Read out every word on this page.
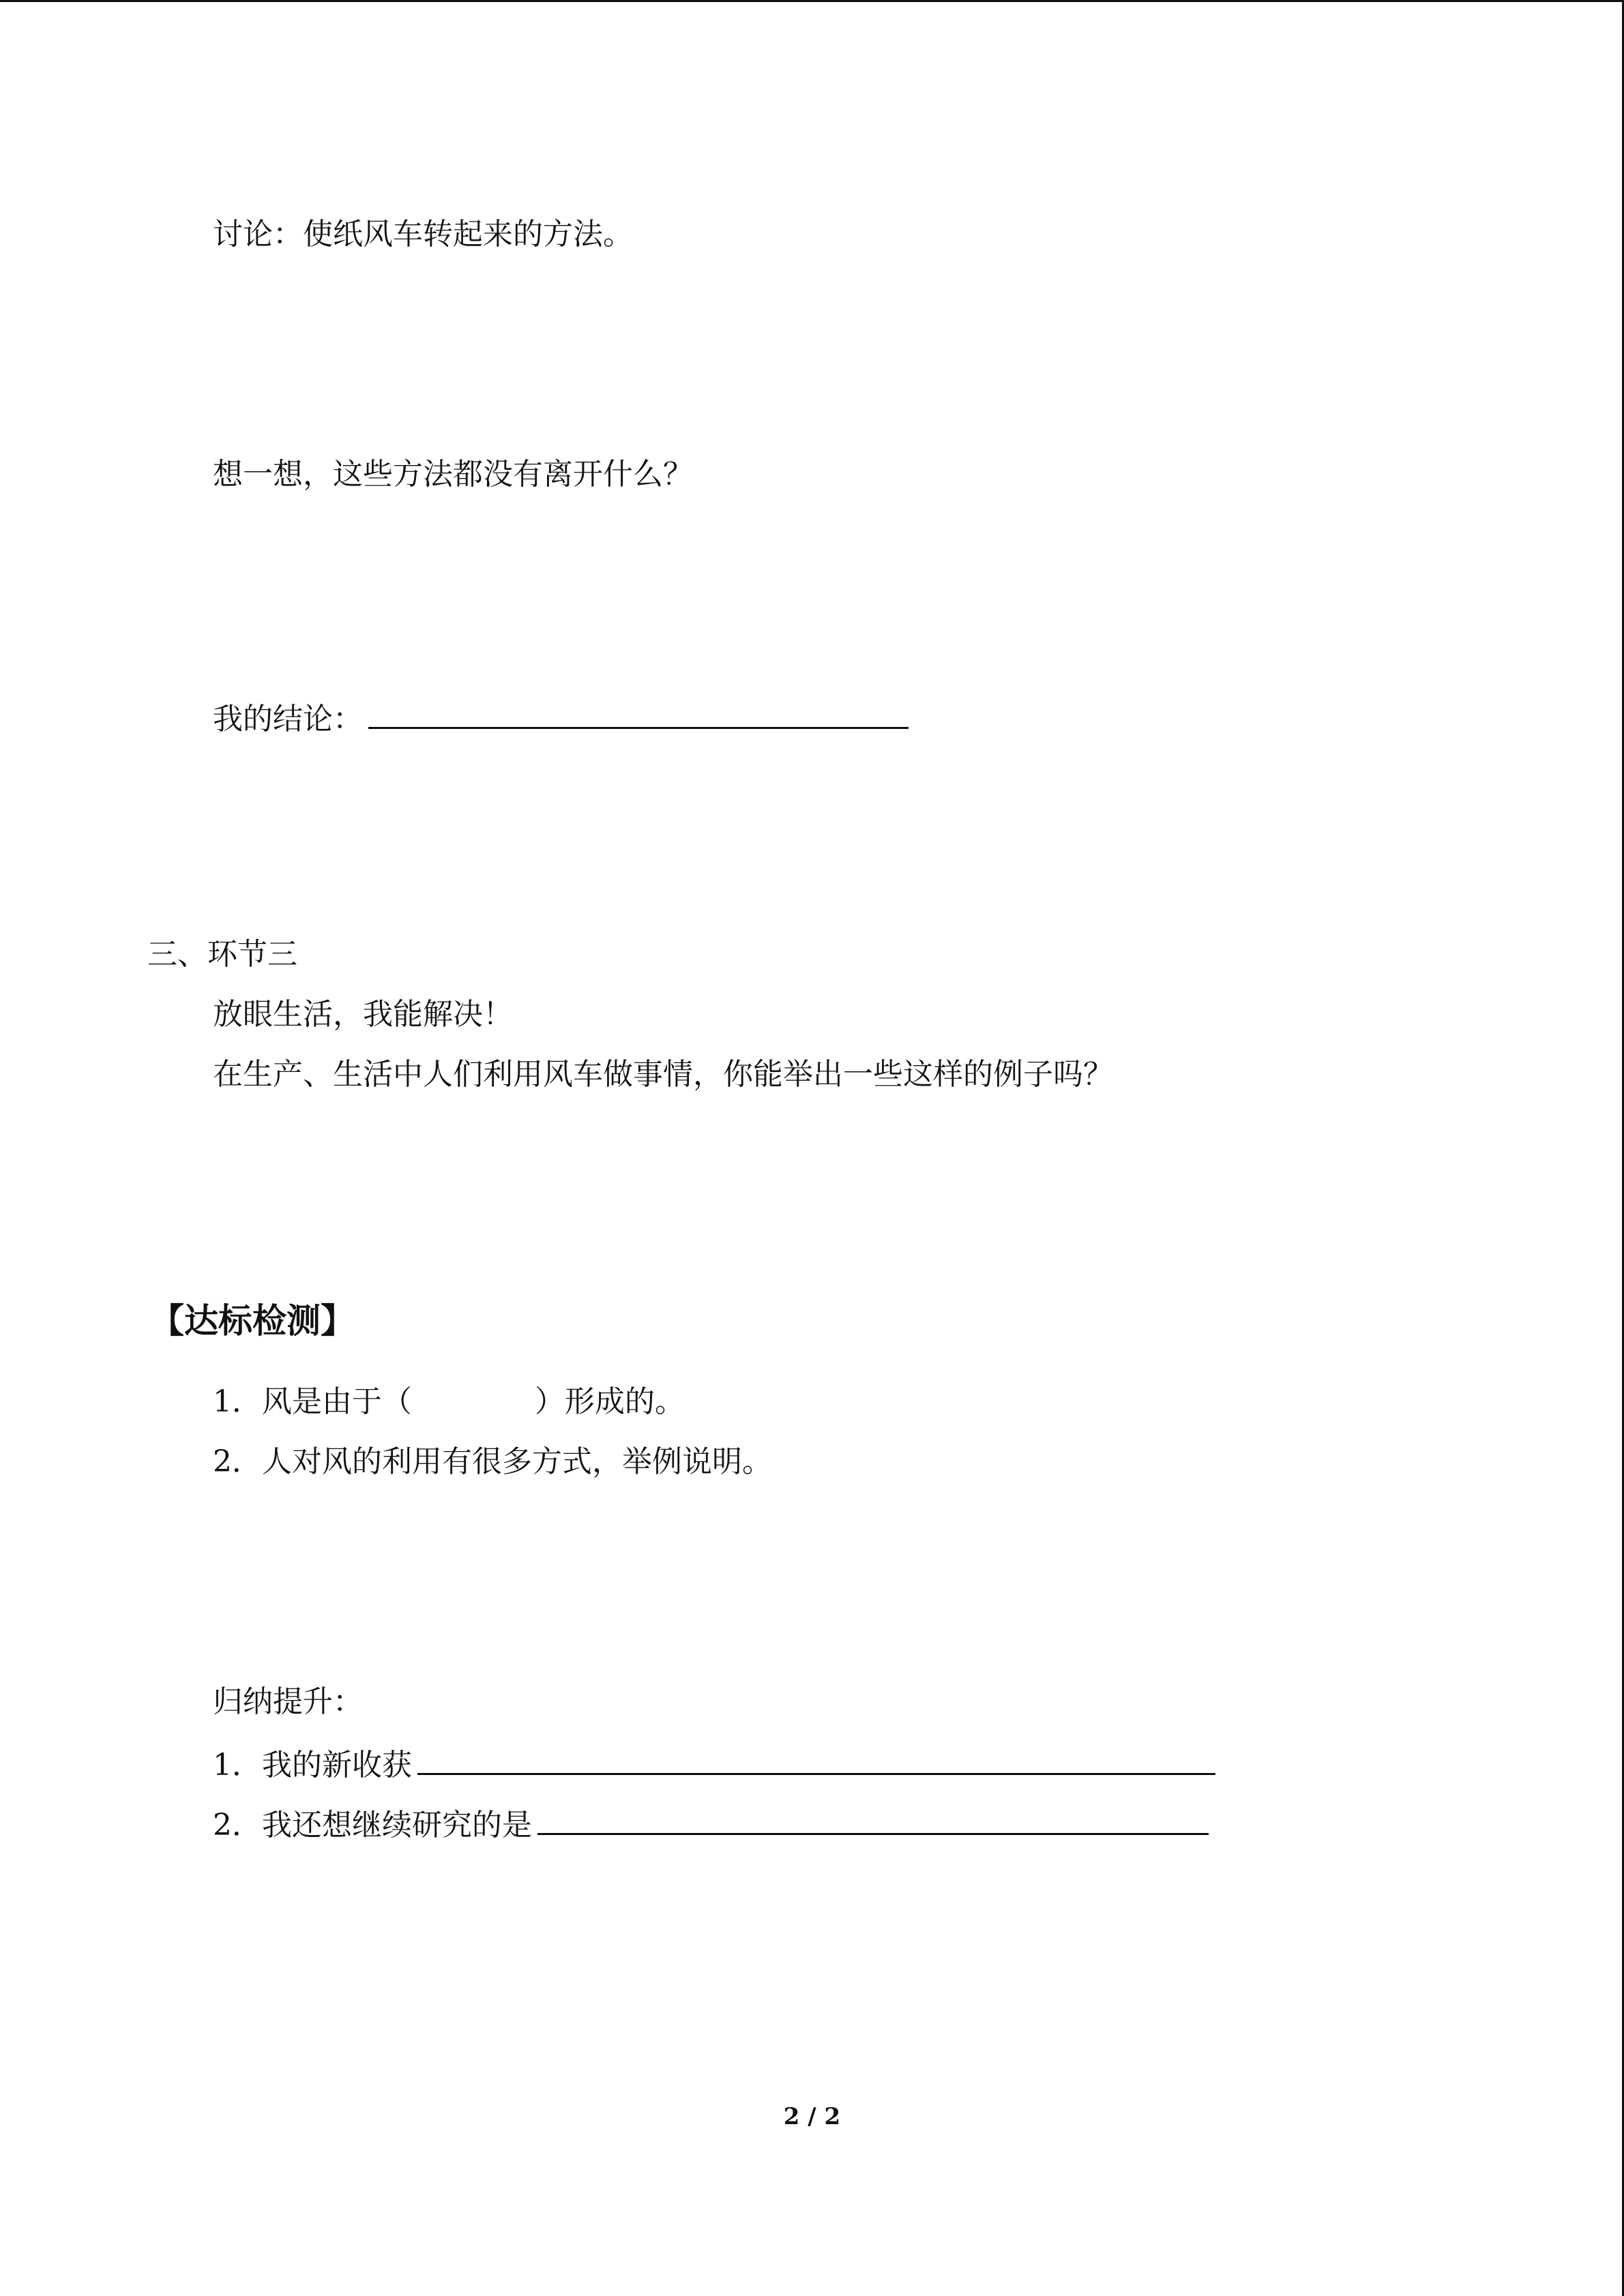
讨论：使纸风车转起来的方法。
想一想，这些方法都没有离开什么？
我的结论：
三、环节三
放眼生活，我能解决！
在生产、生活中人们利用风车做事情，你能举出一些这样的例子吗？
【达标检测】
1．风是由于（	）形成的。
2．人对风的利用有很多方式，举例说明。
归纳提升：
1．我的新收获
2．我还想继续研究的是
2 / 2
